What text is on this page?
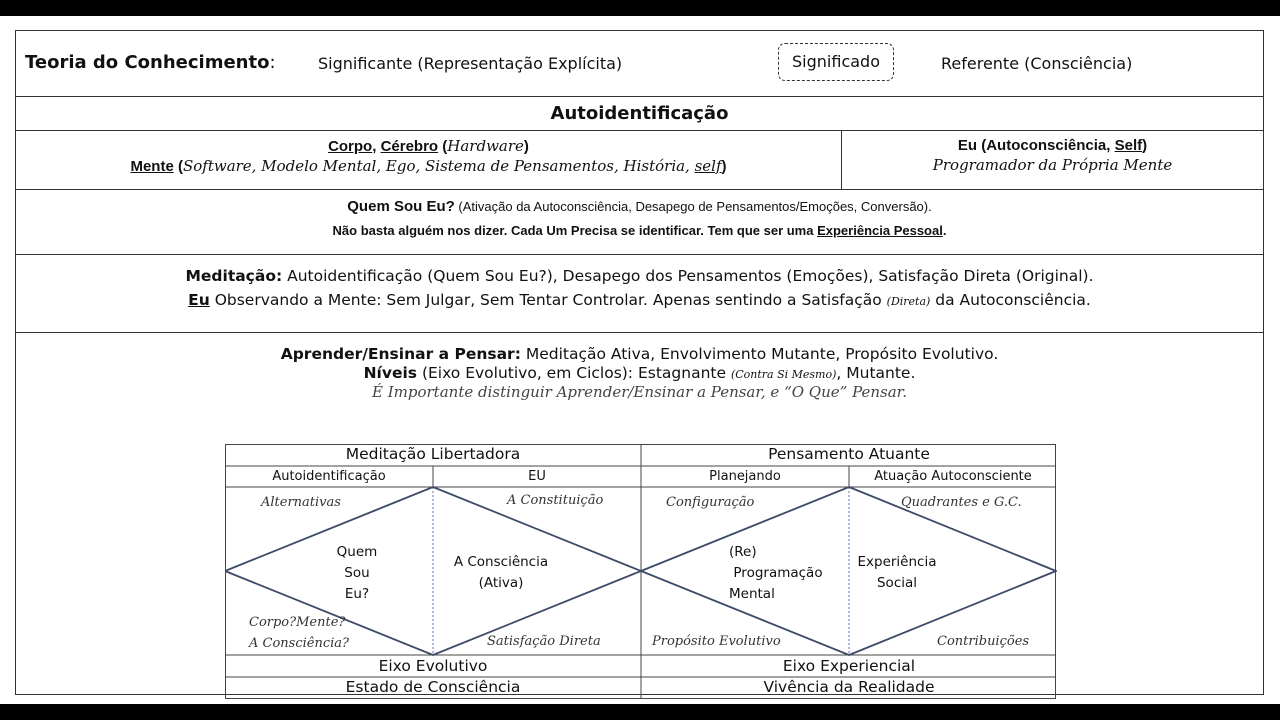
Teoria do Conhecimento:	Significante (Representação Explícita)	Significado	Referente (Consciência)
Autoidentificação
Corpo, Cérebro (Hardware)
Mente (Software, Modelo Mental, Ego, Sistema de Pensamentos, História, self)
Eu (Autoconsciência, Self)
Programador da Própria Mente
Quem Sou Eu? (Ativação da Autoconsciência, Desapego de Pensamentos/Emoções, Conversão).
Não basta alguém nos dizer. Cada Um Precisa se identificar. Tem que ser uma Experiência Pessoal.
Meditação: Autoidentificação (Quem Sou Eu?), Desapego dos Pensamentos (Emoções), Satisfação Direta (Original).
Eu Observando a Mente: Sem Julgar, Sem Tentar Controlar. Apenas sentindo a Satisfação (Direta) da Autoconsciência.
Aprender/Ensinar a Pensar: Meditação Ativa, Envolvimento Mutante, Propósito Evolutivo.
Níveis (Eixo Evolutivo, em Ciclos): Estagnante (Contra Si Mesmo), Mutante.
É Importante distinguir Aprender/Ensinar a Pensar, e “O Que” Pensar.
Meditação Libertadora	Pensamento Atuante
Autoidentificação	EU	Planejando	Atuação Autoconsciente
Alternativas	A Constituição	Configuração	Quadrantes e G.C.
Corpo?Mente?
A Consciência?	Satisfação Direta	Propósito Evolutivo	Contribuições
Quem
Sou
Eu?
A Consciência
(Ativa)
(Re)
Programação
Mental
Experiência
Social
Eixo Evolutivo	Eixo Experiencial
Estado de Consciência	Vivência da Realidade
